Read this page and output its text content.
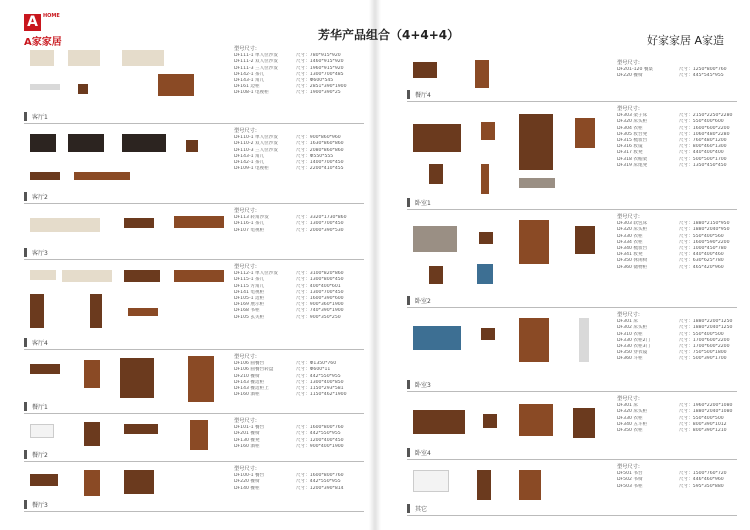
A	HOME
A家家居
型号尺寸：
DF111-1 单人位沙发	尺寸：780*915*920
DF111-2 双人位沙发	尺寸：1460*915*920
DF111-3 三人位沙发	尺寸：1960*915*920
DF142-1 茶几	尺寸：1300*700*485
DF143-1 角几	尺寸：Φ600*545
DF161 边柜	尺寸：2851*390*1900
DF108-1 电视柜	尺寸：1900*390*25
客厅1
型号尺寸：
DF110-1 单人位沙发	尺寸：900*860*960
DF110-2 双人位沙发	尺寸：1630*860*860
DF110-3 三人位沙发	尺寸：2080*860*860
DF143-1 角几	尺寸：Φ550*555
DF142-1 茶几	尺寸：1400*700*450
DF109-1 电视柜	尺寸：2200*410*455
客厅2
型号尺寸：
DF113 转角沙发	尺寸：3320*1730*860
DF116-1 茶几	尺寸：1300*700*450
DF107 电视柜	尺寸：2000*390*530
客厅3
型号尺寸：
DF112-1 单人位沙发	尺寸：3100*820*860
DF115-1 茶几	尺寸：1300*800*450
DF115 方角几	尺寸：400*400*601
DF141 电视柜	尺寸：1300*700*450
DF105-1 边柜	尺寸：1600*390*600
DF169 展示柜	尺寸：900*360*1900
DF168 书柜	尺寸：740*390*1900
DF105 玄关柜	尺寸：900*350*250
客厅4
型号尺寸：
DF106 圆餐台	尺寸：Φ1350*760
DF106 圆餐台转盘	尺寸：Φ600*11
DF210 餐椅	尺寸：442*550*955
DF143 餐边柜	尺寸：1300*400*850
DF143 餐边柜上	尺寸：1150*293*581
DF160 酒柜	尺寸：1150*462*1900
餐厅1
型号尺寸：
DF101-1 餐台	尺寸：1600*800*760
DF201 餐椅	尺寸：442*550*955
DF130 餐凳	尺寸：1200*400*450
DF160 酒柜	尺寸：900*400*1900
餐厅2
型号尺寸：
DF100-1 餐台	尺寸：1600*800*760
DF220 餐椅	尺寸：442*550*955
DF140 餐柜	尺寸：1200*390*814
餐厅3
型号尺寸：
DF201-120 餐桌	尺寸：1250*800*760
DF220 餐椅	尺寸：445*545*955
餐厅4
型号尺寸：
DF303 架子床	尺寸：2150*2250*2280
DF320 床头柜	尺寸：550*400*600
DF304 衣柜	尺寸：1600*600*2200
DF305 妆台凳	尺寸：1060*480*2280
DF315 梳妆台	尺寸：760*480*1200
DF316 妆镜	尺寸：800*460*1300
DF317 妆凳	尺寸：440*400*400
DF318 衣帽架	尺寸：500*500*1700
DF319 床尾凳	尺寸：1350*450*450
卧室1
型号尺寸：
DF303 软包床	尺寸：1880*2150*950
DF320 床头柜	尺寸：1880*2040*950
DF330 衣柜	尺寸：550*400*560
DF334 衣柜	尺寸：1600*590*2200
DF340 梳妆台	尺寸：1000*450*780
DF341 妆凳	尺寸：440*400*460
DF350 休闲椅	尺寸：630*625*780
DF360 储物柜	尺寸：465*420*960
卧室2
型号尺寸：
DF301 床	尺寸：1880*2200*1250
DF302 床头柜	尺寸：1880*2040*1250
DF310 衣柜	尺寸：550*400*500
DF330 衣柜2门	尺寸：1700*600*2200
DF330 衣柜3门	尺寸：1700*600*2200
DF350 穿衣镜	尺寸：750*500*1800
DF360 斗柜	尺寸：500*390*1700
卧室3
型号尺寸：
DF301 床	尺寸：1960*2200*1080
DF320 床头柜	尺寸：1880*2040*1080
DF330 衣柜	尺寸：550*400*500
DF340 五斗柜	尺寸：800*390*1012
DF350 衣柜	尺寸：800*390*1210
卧室4
型号尺寸：
DF501 书台	尺寸：1500*760*720
DF502 书椅	尺寸：446*460*960
DF503 书柜	尺寸：595*350*880
其它
芳华产品组合（4+4+4）	好家家居 A家造
